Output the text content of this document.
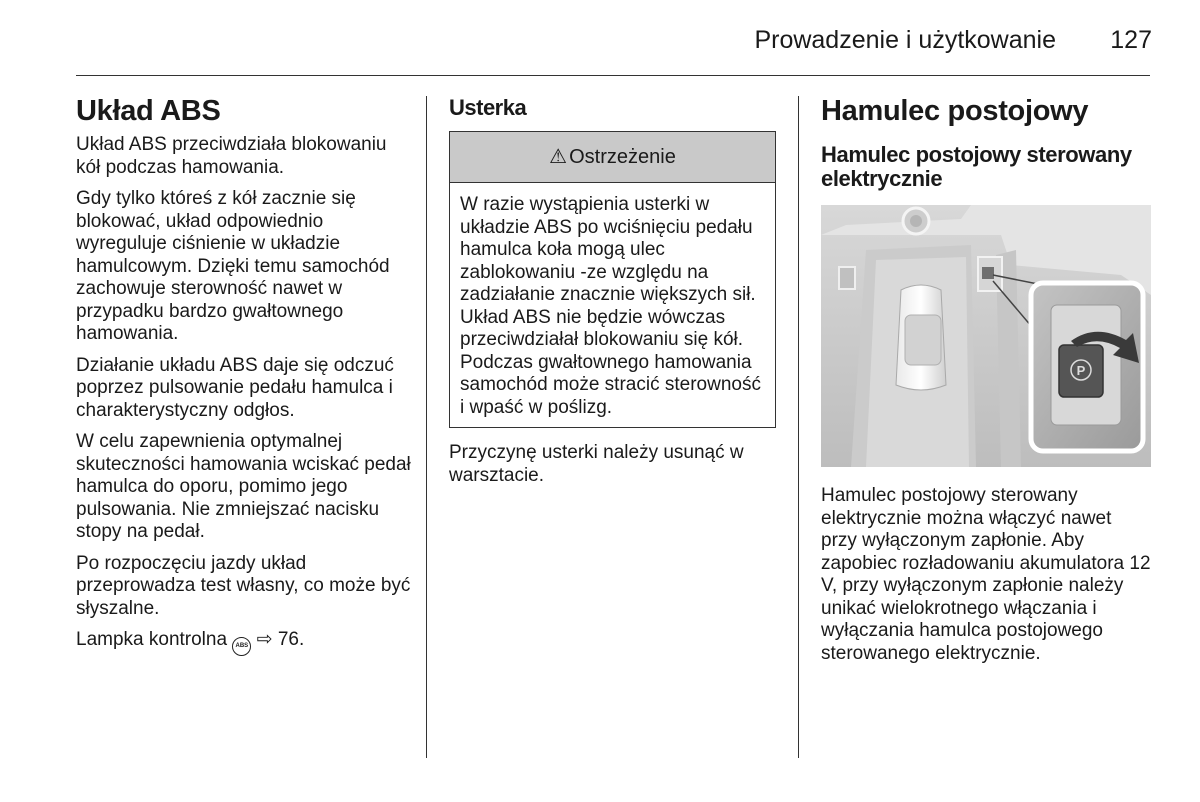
Prowadzenie i użytkowanie 127
Układ ABS

Układ ABS przeciwdziała blokowaniu kół podczas hamowania.

Gdy tylko któreś z kół zacznie się blokować, układ odpowiednio wyreguluje ciśnienie w układzie hamulcowym. Dzięki temu samochód zachowuje sterowność nawet w przypadku bardzo gwałtownego hamowania.

Działanie układu ABS daje się odczuć poprzez pulsowanie pedału hamulca i charakterystyczny odgłos.

W celu zapewnienia optymalnej skuteczności hamowania wciskać pedał hamulca do oporu, pomimo jego pulsowania. Nie zmniejszać nacisku stopy na pedał.

Po rozpoczęciu jazdy układ przeprowadza test własny, co może być słyszalne.

Lampka kontrolna ABS ⇨ 76.

Usterka
⚠ Ostrzeżenie
W razie wystąpienia usterki w układzie ABS po wciśnięciu pedału hamulca koła mogą ulec zablokowaniu -ze względu na zadziałanie znacznie większych sił. Układ ABS nie będzie wówczas przeciwdziałał blokowaniu się kół. Podczas gwałtownego hamowania samochód może stracić sterowność i wpaść w poślizg.

Przyczynę usterki należy usunąć w warsztacie.

Hamulec postojowy
Hamulec postojowy sterowany elektrycznie
P

Hamulec postojowy sterowany elektrycznie można włączyć nawet przy wyłączonym zapłonie. Aby zapobiec rozładowaniu akumulatora 12 V, przy wyłączonym zapłonie należy unikać wielokrotnego włączania i wyłączania hamulca postojowego sterowanego elektrycznie.
